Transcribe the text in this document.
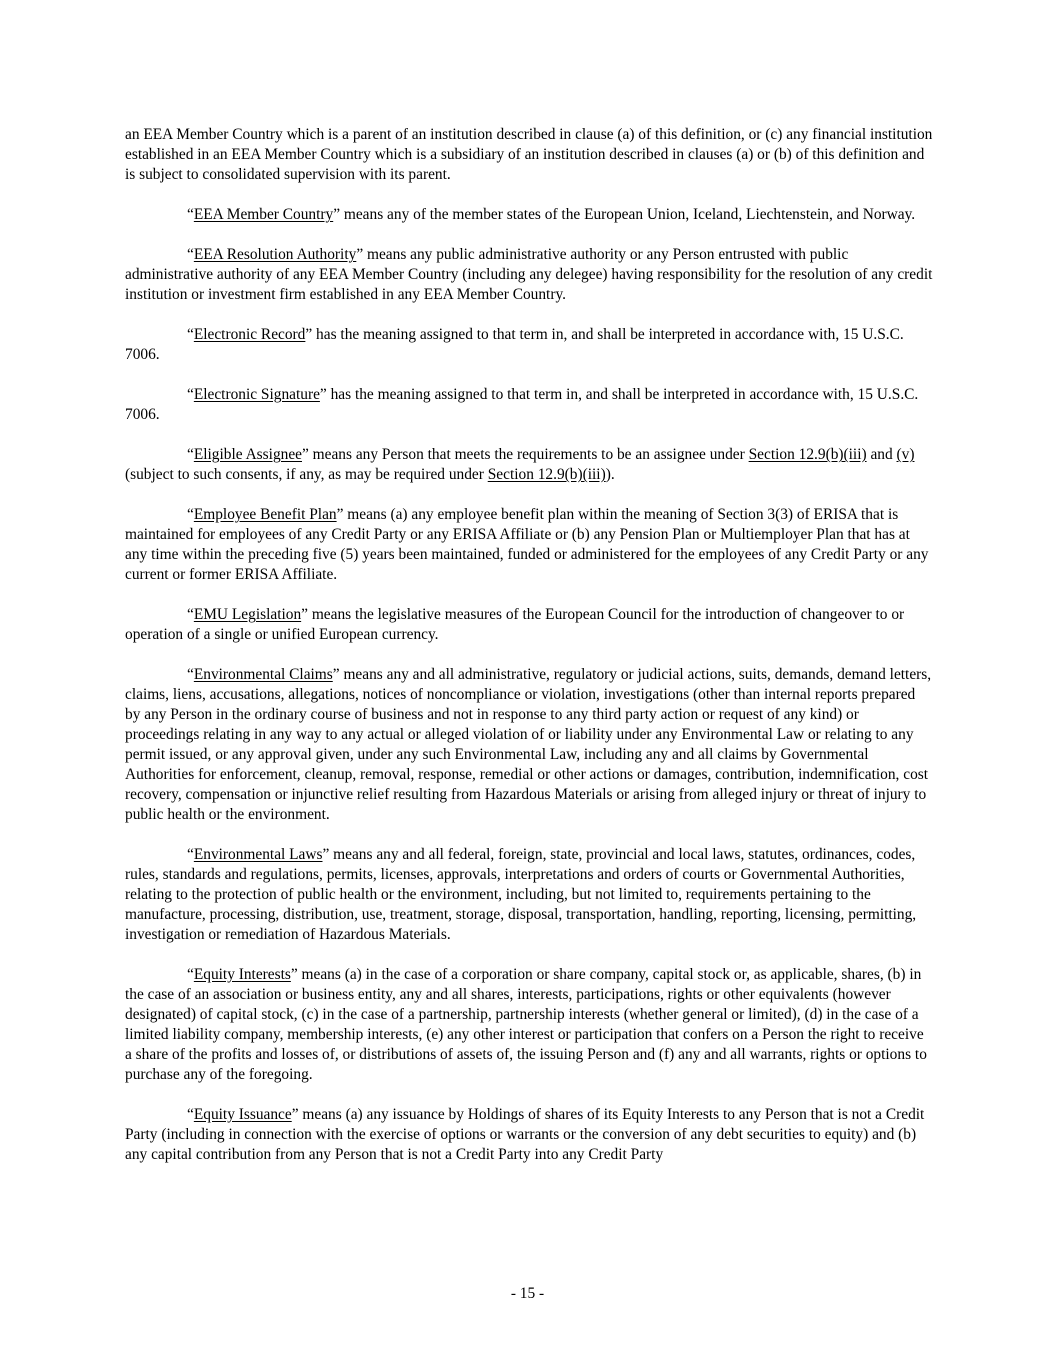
an EEA Member Country which is a parent of an institution described in clause (a) of this definition, or (c) any financial institution established in an EEA Member Country which is a subsidiary of an institution described in clauses (a) or (b) of this definition and is subject to consolidated supervision with its parent.

“EEA Member Country” means any of the member states of the European Union, Iceland, Liechtenstein, and Norway.

“EEA Resolution Authority” means any public administrative authority or any Person entrusted with public administrative authority of any EEA Member Country (including any delegee) having responsibility for the resolution of any credit institution or investment firm established in any EEA Member Country.

“Electronic Record” has the meaning assigned to that term in, and shall be interpreted in accordance with, 15 U.S.C. 7006.

“Electronic Signature” has the meaning assigned to that term in, and shall be interpreted in accordance with, 15 U.S.C. 7006.

“Eligible Assignee” means any Person that meets the requirements to be an assignee under Section 12.9(b)(iii) and (v) (subject to such consents, if any, as may be required under Section 12.9(b)(iii)).

“Employee Benefit Plan” means (a) any employee benefit plan within the meaning of Section 3(3) of ERISA that is maintained for employees of any Credit Party or any ERISA Affiliate or (b) any Pension Plan or Multiemployer Plan that has at any time within the preceding five (5) years been maintained, funded or administered for the employees of any Credit Party or any current or former ERISA Affiliate.

“EMU Legislation” means the legislative measures of the European Council for the introduction of changeover to or operation of a single or unified European currency.

“Environmental Claims” means any and all administrative, regulatory or judicial actions, suits, demands, demand letters, claims, liens, accusations, allegations, notices of noncompliance or violation, investigations (other than internal reports prepared by any Person in the ordinary course of business and not in response to any third party action or request of any kind) or proceedings relating in any way to any actual or alleged violation of or liability under any Environmental Law or relating to any permit issued, or any approval given, under any such Environmental Law, including any and all claims by Governmental Authorities for enforcement, cleanup, removal, response, remedial or other actions or damages, contribution, indemnification, cost recovery, compensation or injunctive relief resulting from Hazardous Materials or arising from alleged injury or threat of injury to public health or the environment.

“Environmental Laws” means any and all federal, foreign, state, provincial and local laws, statutes, ordinances, codes, rules, standards and regulations, permits, licenses, approvals, interpretations and orders of courts or Governmental Authorities, relating to the protection of public health or the environment, including, but not limited to, requirements pertaining to the manufacture, processing, distribution, use, treatment, storage, disposal, transportation, handling, reporting, licensing, permitting, investigation or remediation of Hazardous Materials.

“Equity Interests” means (a) in the case of a corporation or share company, capital stock or, as applicable, shares, (b) in the case of an association or business entity, any and all shares, interests, participations, rights or other equivalents (however designated) of capital stock, (c) in the case of a partnership, partnership interests (whether general or limited), (d) in the case of a limited liability company, membership interests, (e) any other interest or participation that confers on a Person the right to receive a share of the profits and losses of, or distributions of assets of, the issuing Person and (f) any and all warrants, rights or options to purchase any of the foregoing.

“Equity Issuance” means (a) any issuance by Holdings of shares of its Equity Interests to any Person that is not a Credit Party (including in connection with the exercise of options or warrants or the conversion of any debt securities to equity) and (b) any capital contribution from any Person that is not a Credit Party into any Credit Party

- 15 -
